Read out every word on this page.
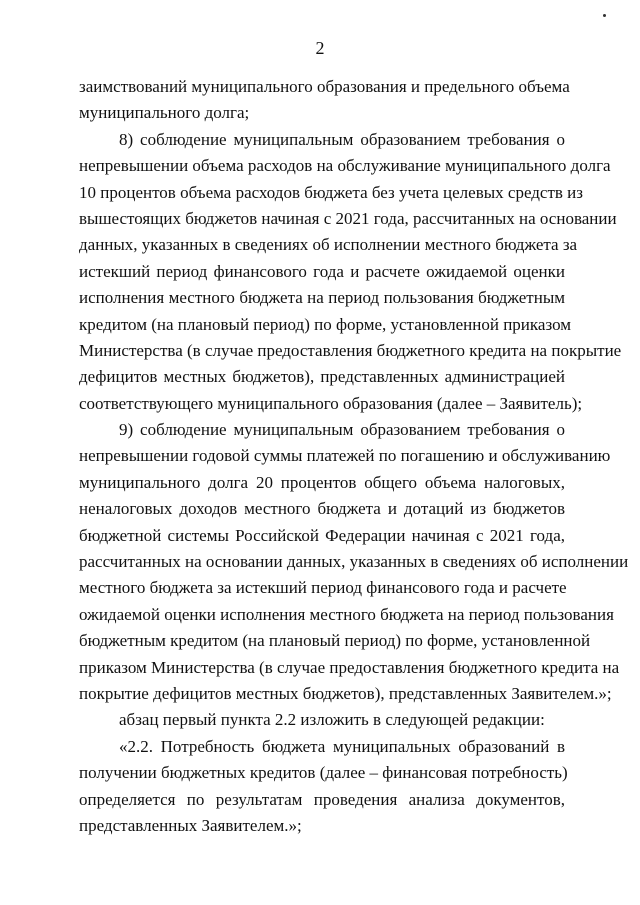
2

заимствований муниципального образования и предельного объема
муниципального долга;

8) соблюдение муниципальным образованием требования о
непревышении объема расходов на обслуживание муниципального долга
10 процентов объема расходов бюджета без учета целевых средств из
вышестоящих бюджетов начиная с 2021 года, рассчитанных на основании
данных, указанных в сведениях об исполнении местного бюджета за
истекший период финансового года и расчете ожидаемой оценки
исполнения местного бюджета на период пользования бюджетным
кредитом (на плановый период) по форме, установленной приказом
Министерства (в случае предоставления бюджетного кредита на покрытие
дефицитов местных бюджетов), представленных администрацией
соответствующего муниципального образования (далее – Заявитель);

9) соблюдение муниципальным образованием требования о
непревышении годовой суммы платежей по погашению и обслуживанию
муниципального долга 20 процентов общего объема налоговых,
неналоговых доходов местного бюджета и дотаций из бюджетов
бюджетной системы Российской Федерации начиная с 2021 года,
рассчитанных на основании данных, указанных в сведениях об исполнении
местного бюджета за истекший период финансового года и расчете
ожидаемой оценки исполнения местного бюджета на период пользования
бюджетным кредитом (на плановый период) по форме, установленной
приказом Министерства (в случае предоставления бюджетного кредита на
покрытие дефицитов местных бюджетов), представленных Заявителем.»;

абзац первый пункта 2.2 изложить в следующей редакции:

«2.2. Потребность бюджета муниципальных образований в
получении бюджетных кредитов (далее – финансовая потребность)
определяется по результатам проведения анализа документов,
представленных Заявителем.»;
